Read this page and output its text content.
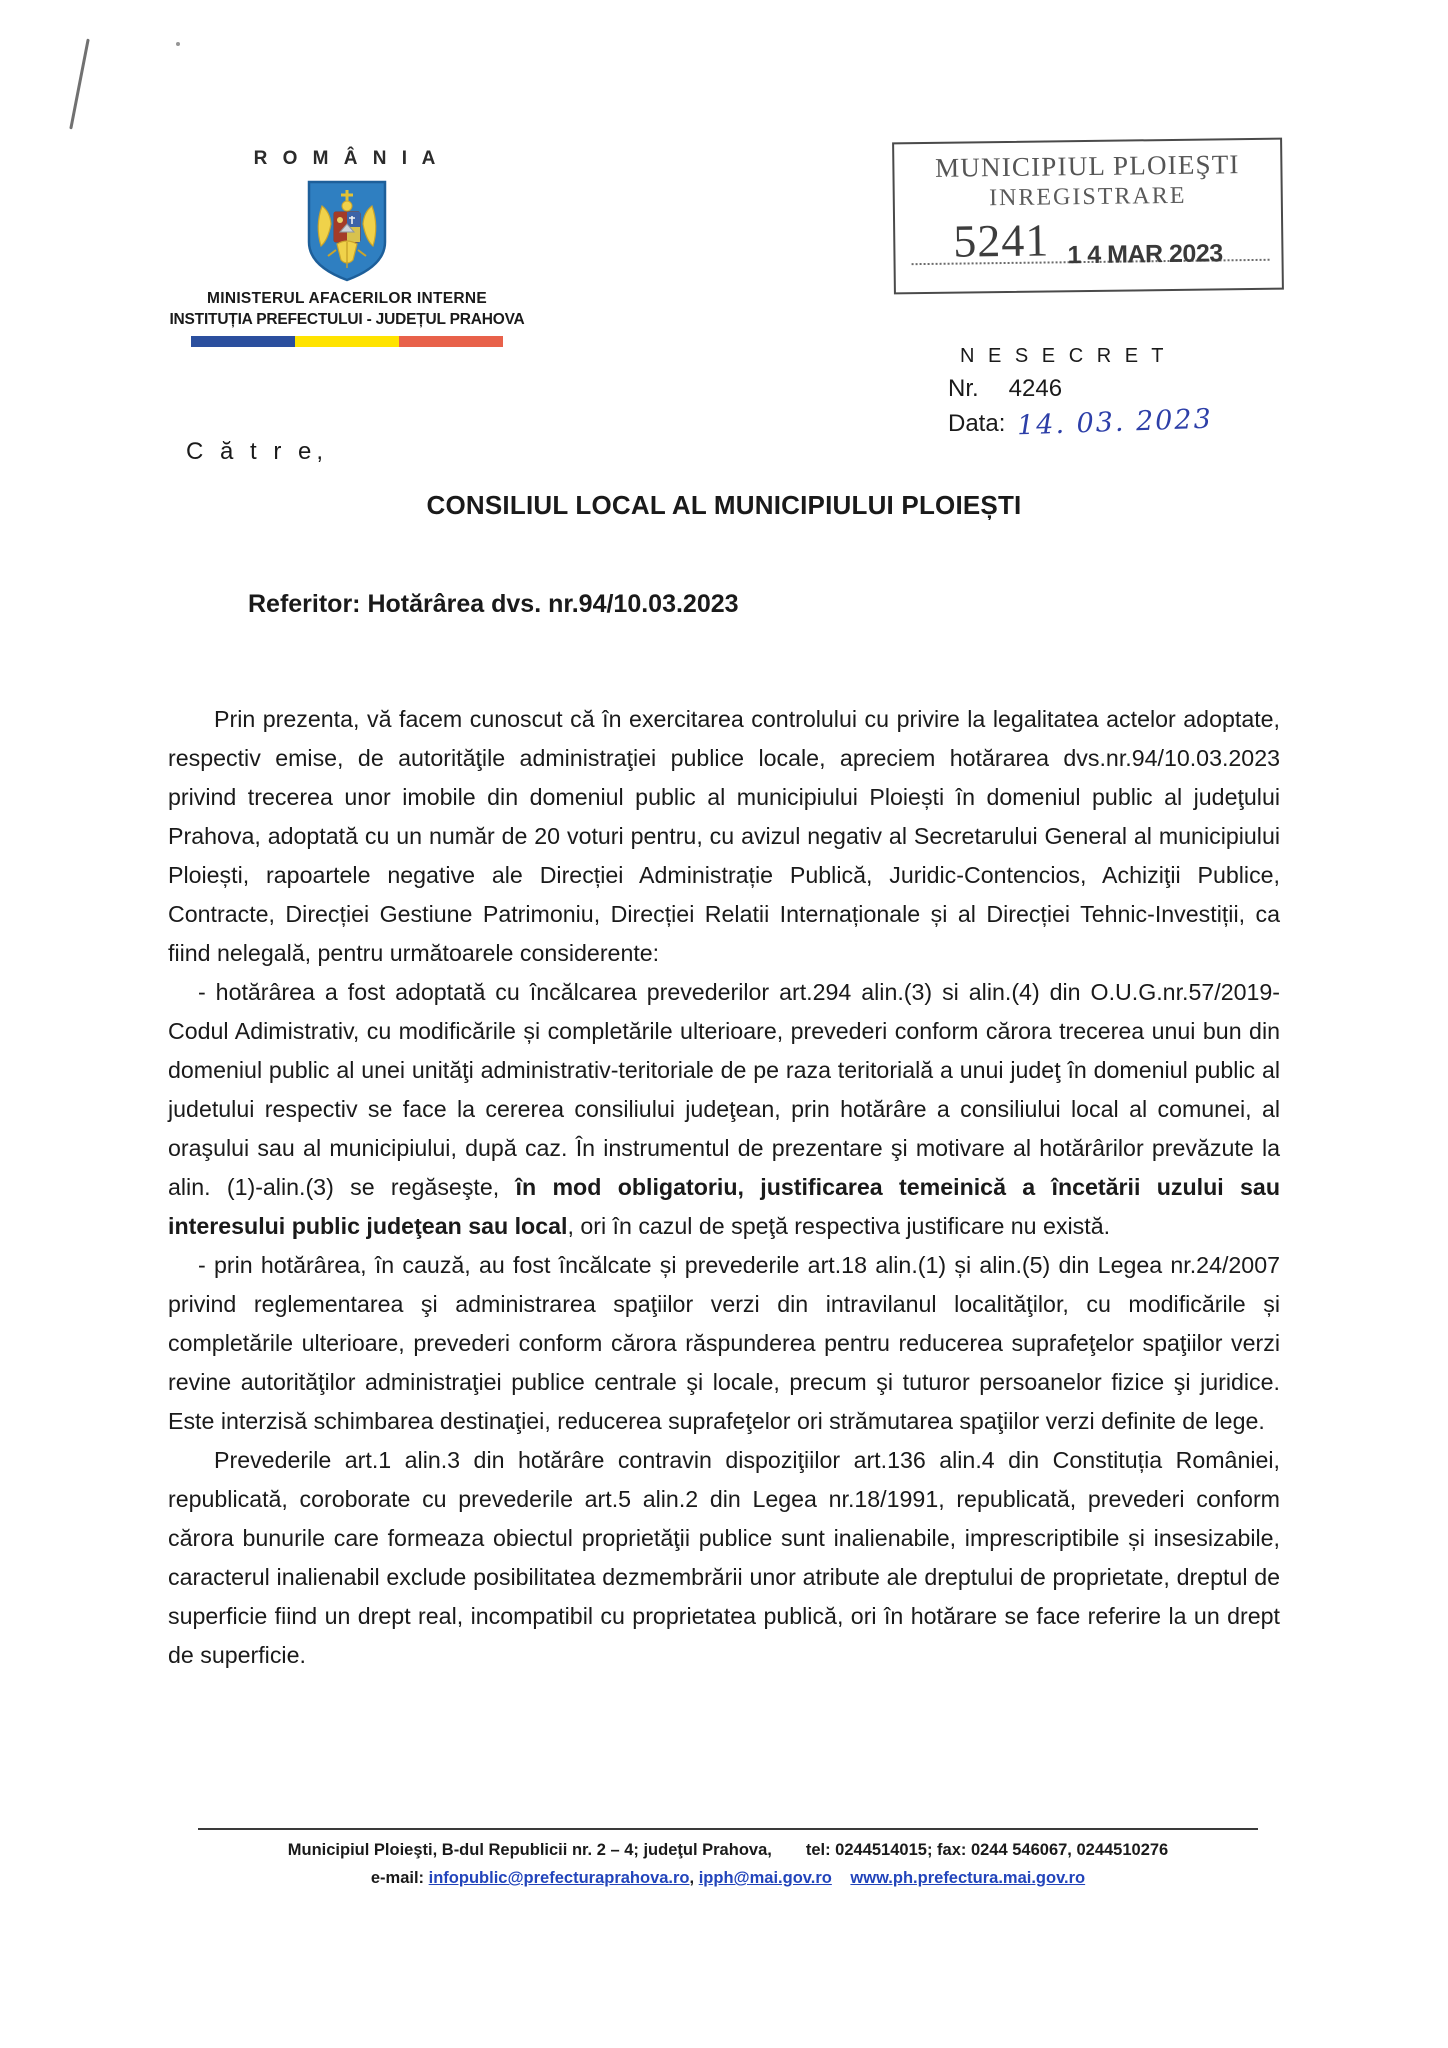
R O M Â N I A
MINISTERUL AFACERILOR INTERNE
INSTITUȚIA PREFECTULUI - JUDEȚUL PRAHOVA
MUNICIPIUL PLOIEŞTI
INREGISTRARE
5241 1 4 MAR 2023
N E S E C R E T
Nr. 4246
Data: 14. 03. 2023
C ă t r e,
CONSILIUL LOCAL AL MUNICIPIULUI PLOIEȘTI
Referitor: Hotărârea dvs. nr.94/10.03.2023

Prin prezenta, vă facem cunoscut că în exercitarea controlului cu privire la legalitatea actelor adoptate, respectiv emise, de autorităţile administraţiei publice locale, apreciem hotărarea dvs.nr.94/10.03.2023 privind trecerea unor imobile din domeniul public al municipiului Ploiești în domeniul public al judeţului Prahova, adoptată cu un număr de 20 voturi pentru, cu avizul negativ al Secretarului General al municipiului Ploiești, rapoartele negative ale Direcției Administrație Publică, Juridic-Contencios, Achiziţii Publice, Contracte, Direcției Gestiune Patrimoniu, Direcției Relatii Internaționale și al Direcției Tehnic-Investiții, ca fiind nelegală, pentru următoarele considerente:

- hotărârea a fost adoptată cu încălcarea prevederilor art.294 alin.(3) si alin.(4) din O.U.G.nr.57/2019-Codul Adimistrativ, cu modificările și completările ulterioare, prevederi conform cărora trecerea unui bun din domeniul public al unei unităţi administrativ-teritoriale de pe raza teritorială a unui judeţ în domeniul public al judetului respectiv se face la cererea consiliului judeţean, prin hotărâre a consiliului local al comunei, al oraşului sau al municipiului, după caz. În instrumentul de prezentare şi motivare al hotărârilor prevăzute la alin. (1)-alin.(3) se regăseşte, în mod obligatoriu, justificarea temeinică a încetării uzului sau interesului public judeţean sau local, ori în cazul de speţă respectiva justificare nu există.

- prin hotărârea, în cauză, au fost încălcate și prevederile art.18 alin.(1) și alin.(5) din Legea nr.24/2007 privind reglementarea şi administrarea spaţiilor verzi din intravilanul localităţilor, cu modificările și completările ulterioare, prevederi conform cărora răspunderea pentru reducerea suprafeţelor spaţiilor verzi revine autorităţilor administraţiei publice centrale şi locale, precum şi tuturor persoanelor fizice şi juridice. Este interzisă schimbarea destinaţiei, reducerea suprafeţelor ori strămutarea spaţiilor verzi definite de lege.

Prevederile art.1 alin.3 din hotărâre contravin dispoziţiilor art.136 alin.4 din Constituția României, republicată, coroborate cu prevederile art.5 alin.2 din Legea nr.18/1991, republicată, prevederi conform cărora bunurile care formeaza obiectul proprietăţii publice sunt inalienabile, imprescriptibile și insesizabile, caracterul inalienabil exclude posibilitatea dezmembrării unor atribute ale dreptului de proprietate, dreptul de superficie fiind un drept real, incompatibil cu proprietatea publică, ori în hotărare se face referire la un drept de superficie.

Municipiul Ploieşti, B-dul Republicii nr. 2 – 4; judeţul Prahova, tel: 0244514015; fax: 0244 546067, 0244510276
e-mail: infopublic@prefecturaprahova.ro, ipph@mai.gov.ro www.ph.prefectura.mai.gov.ro
